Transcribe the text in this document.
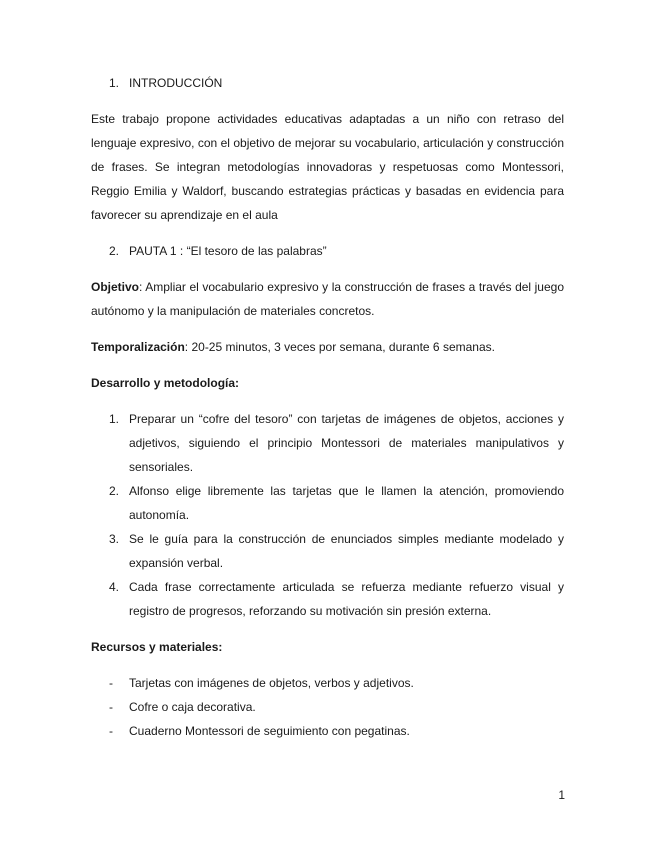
1. INTRODUCCIÓN

Este trabajo propone actividades educativas adaptadas a un niño con retraso del lenguaje expresivo, con el objetivo de mejorar su vocabulario, articulación y construcción de frases. Se integran metodologías innovadoras y respetuosas como Montessori, Reggio Emilia y Waldorf, buscando estrategias prácticas y basadas en evidencia para favorecer su aprendizaje en el aula

2. PAUTA 1 : “El tesoro de las palabras”

Objetivo: Ampliar el vocabulario expresivo y la construcción de frases a través del juego autónomo y la manipulación de materiales concretos.

Temporalización: 20-25 minutos, 3 veces por semana, durante 6 semanas.

Desarrollo y metodología:

1. Preparar un “cofre del tesoro” con tarjetas de imágenes de objetos, acciones y adjetivos, siguiendo el principio Montessori de materiales manipulativos y sensoriales.
2. Alfonso elige libremente las tarjetas que le llamen la atención, promoviendo autonomía.
3. Se le guía para la construcción de enunciados simples mediante modelado y expansión verbal.
4. Cada frase correctamente articulada se refuerza mediante refuerzo visual y registro de progresos, reforzando su motivación sin presión externa.

Recursos y materiales:

- Tarjetas con imágenes de objetos, verbos y adjetivos.
- Cofre o caja decorativa.
- Cuaderno Montessori de seguimiento con pegatinas.
1
